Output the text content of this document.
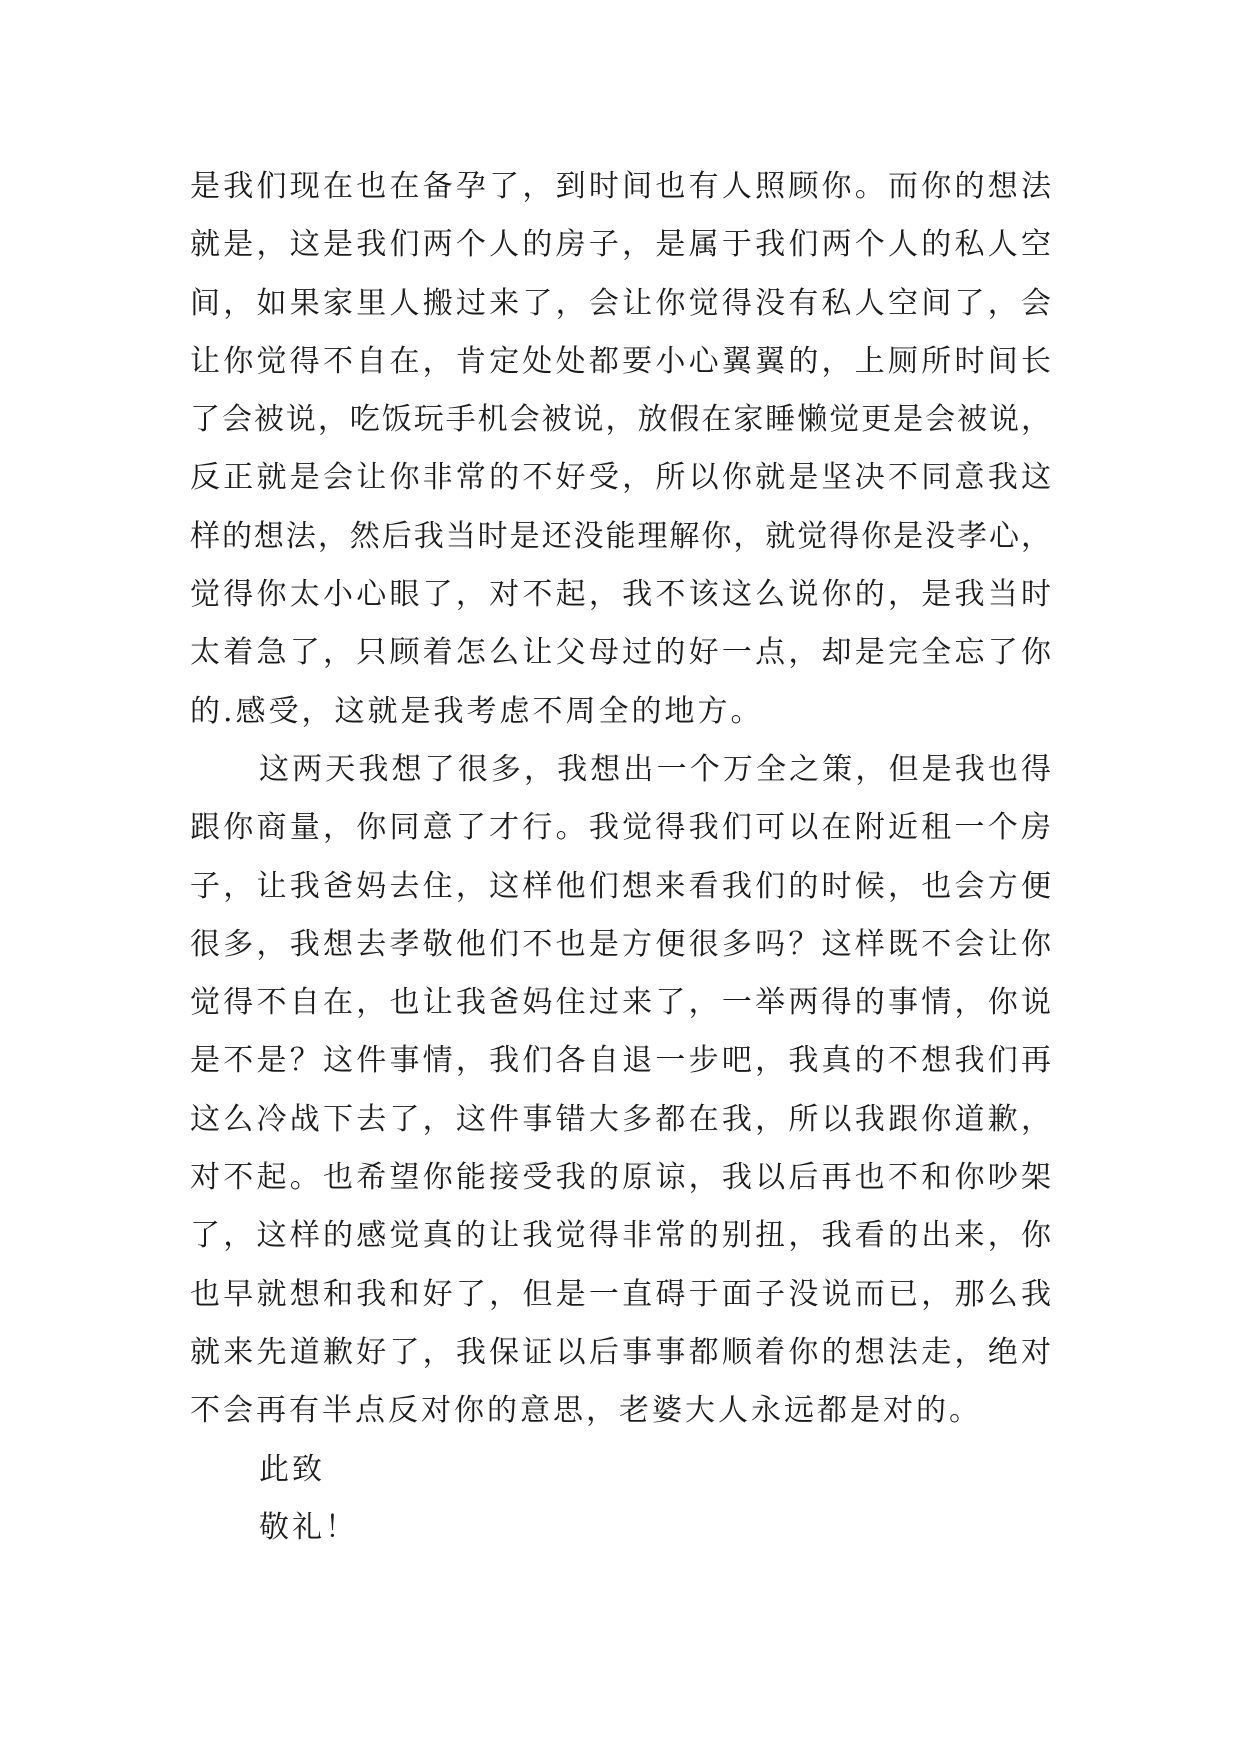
是我们现在也在备孕了，到时间也有人照顾你。而你的想法
就是，这是我们两个人的房子，是属于我们两个人的私人空
间，如果家里人搬过来了，会让你觉得没有私人空间了，会
让你觉得不自在，肯定处处都要小心翼翼的，上厕所时间长
了会被说，吃饭玩手机会被说，放假在家睡懒觉更是会被说，
反正就是会让你非常的不好受，所以你就是坚决不同意我这
样的想法，然后我当时是还没能理解你，就觉得你是没孝心，
觉得你太小心眼了，对不起，我不该这么说你的，是我当时
太着急了，只顾着怎么让父母过的好一点，却是完全忘了你
的.感受，这就是我考虑不周全的地方。
这两天我想了很多，我想出一个万全之策，但是我也得
跟你商量，你同意了才行。我觉得我们可以在附近租一个房
子，让我爸妈去住，这样他们想来看我们的时候，也会方便
很多，我想去孝敬他们不也是方便很多吗？这样既不会让你
觉得不自在，也让我爸妈住过来了，一举两得的事情，你说
是不是？这件事情，我们各自退一步吧，我真的不想我们再
这么冷战下去了，这件事错大多都在我，所以我跟你道歉，
对不起。也希望你能接受我的原谅，我以后再也不和你吵架
了，这样的感觉真的让我觉得非常的别扭，我看的出来，你
也早就想和我和好了，但是一直碍于面子没说而已，那么我
就来先道歉好了，我保证以后事事都顺着你的想法走，绝对
不会再有半点反对你的意思，老婆大人永远都是对的。
此致
敬礼！
